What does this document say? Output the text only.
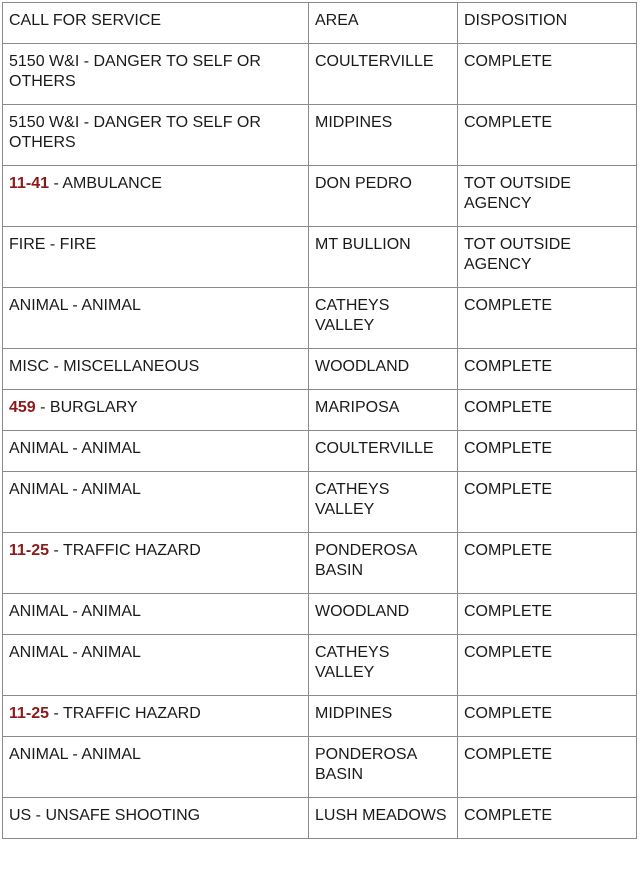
CALL FOR SERVICE	AREA	DISPOSITION
5150 W&I - DANGER TO SELF OR OTHERS	COULTERVILLE	COMPLETE
5150 W&I - DANGER TO SELF OR OTHERS	MIDPINES	COMPLETE
11-41 - AMBULANCE	DON PEDRO	TOT OUTSIDE AGENCY
FIRE - FIRE	MT BULLION	TOT OUTSIDE AGENCY
ANIMAL - ANIMAL	CATHEYS VALLEY	COMPLETE
MISC - MISCELLANEOUS	WOODLAND	COMPLETE
459 - BURGLARY	MARIPOSA	COMPLETE
ANIMAL - ANIMAL	COULTERVILLE	COMPLETE
ANIMAL - ANIMAL	CATHEYS VALLEY	COMPLETE
11-25 - TRAFFIC HAZARD	PONDEROSA BASIN	COMPLETE
ANIMAL - ANIMAL	WOODLAND	COMPLETE
ANIMAL - ANIMAL	CATHEYS VALLEY	COMPLETE
11-25 - TRAFFIC HAZARD	MIDPINES	COMPLETE
ANIMAL - ANIMAL	PONDEROSA BASIN	COMPLETE
US - UNSAFE SHOOTING	LUSH MEADOWS	COMPLETE
